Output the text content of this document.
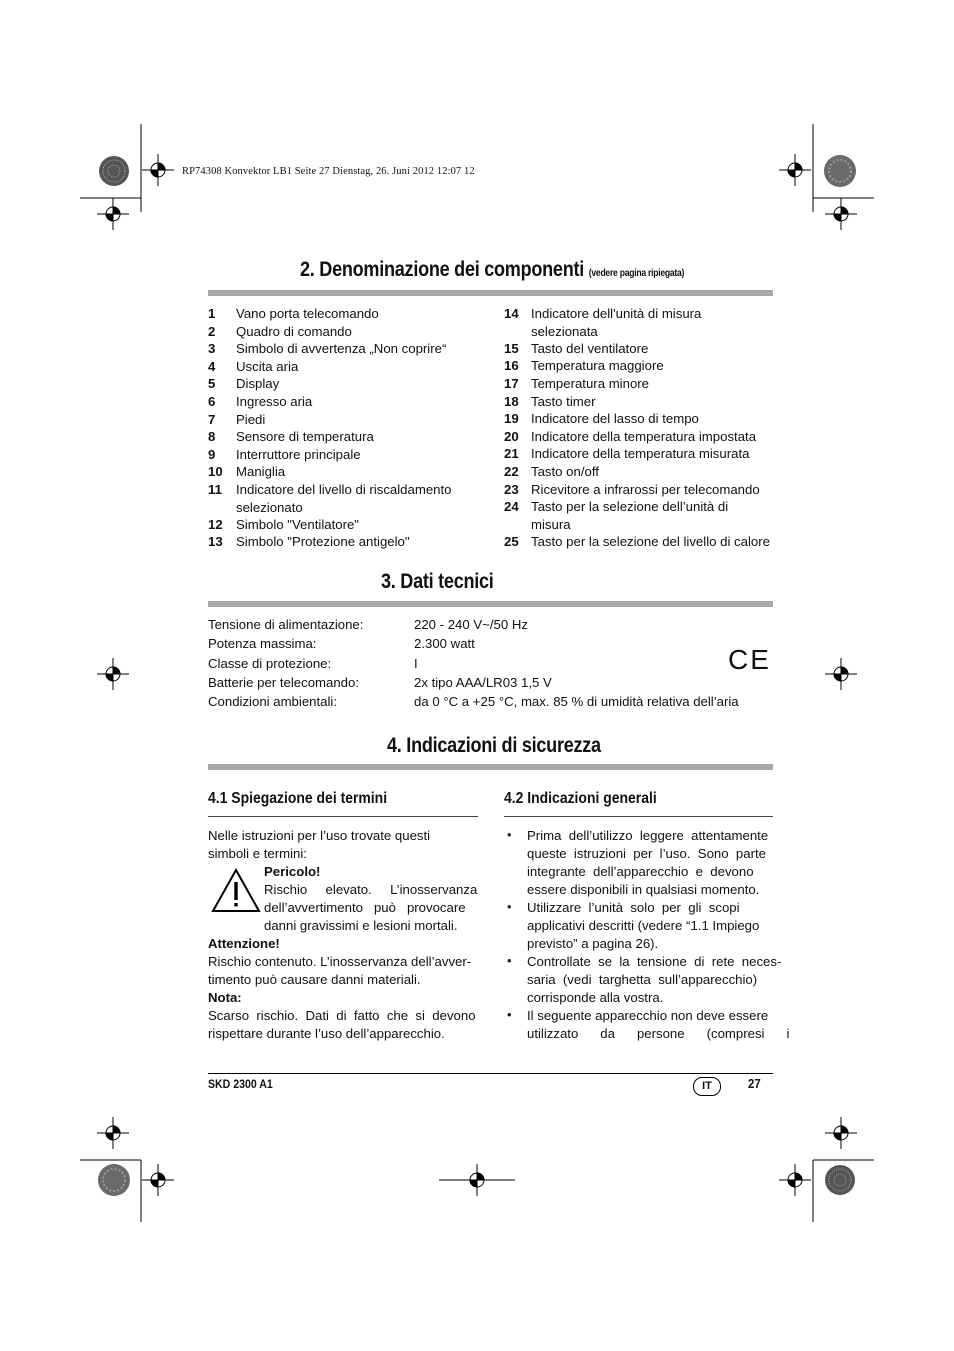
RP74308 Konvektor LB1 Seite 27 Dienstag, 26. Juni 2012 12:07 12
2. Denominazione dei componenti (vedere pagina ripiegata)
1 Vano porta telecomando
2 Quadro di comando
3 Simbolo di avvertenza „Non coprire“
4 Uscita aria
5 Display
6 Ingresso aria
7 Piedi
8 Sensore di temperatura
9 Interruttore principale
10 Maniglia
11 Indicatore del livello di riscaldamento
selezionato
12 Simbolo "Ventilatore"
13 Simbolo "Protezione antigelo"
14 Indicatore dell'unità di misura
selezionata
15 Tasto del ventilatore
16 Temperatura maggiore
17 Temperatura minore
18 Tasto timer
19 Indicatore del lasso di tempo
20 Indicatore della temperatura impostata
21 Indicatore della temperatura misurata
22 Tasto on/off
23 Ricevitore a infrarossi per telecomando
24 Tasto per la selezione dell’unità di
misura
25 Tasto per la selezione del livello di calore
3. Dati tecnici
Tensione di alimentazione:	220 - 240 V~/50 Hz
Potenza massima:	2.300 watt
Classe di protezione:	I
Batterie per telecomando:	2x tipo AAA/LR03 1,5 V
Condizioni ambientali:	da 0 °C a +25 °C, max. 85 % di umidità relativa dell’aria
CE
4. Indicazioni di sicurezza
4.1 Spiegazione dei termini
Nelle istruzioni per l’uso trovate questi
simboli e termini:
Pericolo!
Rischio     elevato.     L’inosservanza
dell’avvertimento   può   provocare
danni gravissimi e lesioni mortali.
Attenzione!
Rischio contenuto. L’inosservanza dell’avver-
timento può causare danni materiali.
Nota:
Scarso  rischio.  Dati  di  fatto  che  si  devono
rispettare durante l’uso dell’apparecchio.
4.2 Indicazioni generali
• Prima  dell’utilizzo  leggere  attentamente
queste  istruzioni  per  l’uso.  Sono  parte
integrante  dell’apparecchio  e  devono
essere disponibili in qualsiasi momento.
• Utilizzare  l’unità  solo  per  gli  scopi
applicativi descritti (vedere “1.1 Impiego
previsto” a pagina 26).
• Controllate  se  la  tensione  di  rete  neces-
saria  (vedi  targhetta  sull’apparecchio)
corrisponde alla vostra.
• Il seguente apparecchio non deve essere
utilizzato      da      persone      (compresi      i
SKD 2300 A1	IT	27
